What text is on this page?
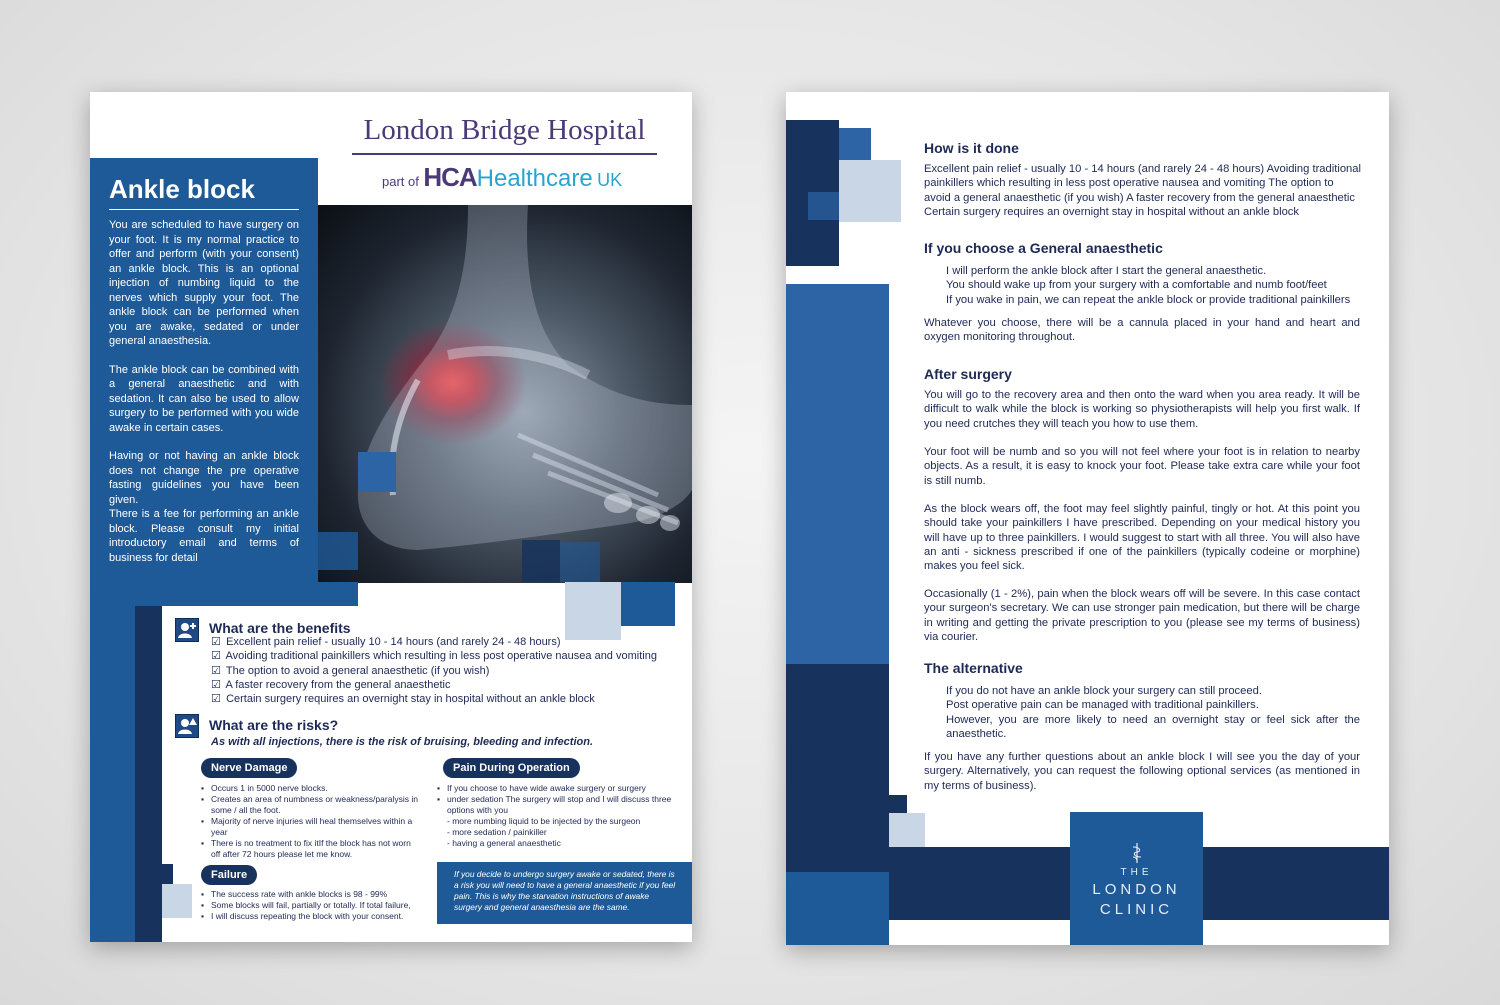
London Bridge Hospital
part of HCAHealthcare UK
Ankle block

You are scheduled to have surgery on your foot. It is my normal practice to offer and perform (with your consent) an ankle block. This is an optional injection of numbing liquid to the nerves which supply your foot. The ankle block can be performed when you are awake, sedated or under general anaesthesia.

The ankle block can be combined with a general anaesthetic and with sedation. It can also be used to allow surgery to be performed with you wide awake in certain cases.

Having or not having an ankle block does not change the pre operative fasting guidelines you have been given.

There is a fee for performing an ankle block. Please consult my initial introductory email and terms of business for detail

What are the benefits
☑ Excellent pain relief - usually 10 - 14 hours (and rarely 24 - 48 hours)
☑ Avoiding traditional painkillers which resulting in less post operative nausea and vomiting
☑ The option to avoid a general anaesthetic (if you wish)
☑ A faster recovery from the general anaesthetic
☑ Certain surgery requires an overnight stay in hospital without an ankle block
What are the risks?
As with all injections, there is the risk of bruising, bleeding and infection.
Nerve Damage
▪ Occurs 1 in 5000 nerve blocks.
▪ Creates an area of numbness or weakness/paralysis in some / all the foot.
▪ Majority of nerve injuries will heal themselves within a year
▪ There is no treatment to fix itIf the block has not worn off after 72 hours please let me know.
Failure
▪ The success rate with ankle blocks is 98 - 99%
▪ Some blocks will fail, partially or totally. If total failure,
▪ I will discuss repeating the block with your consent.
Pain During Operation
▪ If you choose to have wide awake surgery or surgery
▪ under sedation The surgery will stop and I will discuss three options with you
- more numbing liquid to be injected by the surgeon
- more sedation / painkiller
- having a general anaesthetic
If you decide to undergo surgery awake or sedated, there is a risk you will need to have a general anaesthetic if you feel pain. This is why the starvation instructions of awake surgery and general anaesthesia are the same.
How is it done
Excellent pain relief - usually 10 - 14 hours (and rarely 24 - 48 hours) Avoiding traditional
painkillers which resulting in less post operative nausea and vomiting The option to
avoid a general anaesthetic (if you wish) A faster recovery from the general anaesthetic
Certain surgery requires an overnight stay in hospital without an ankle block
If you choose a General anaesthetic
I will perform the ankle block after I start the general anaesthetic.
You should wake up from your surgery with a comfortable and numb foot/feet
If you wake in pain, we can repeat the ankle block or provide traditional painkillers

Whatever you choose, there will be a cannula placed in your hand and heart and oxygen monitoring throughout.

After surgery

You will go to the recovery area and then onto the ward when you area ready. It will be difficult to walk while the block is working so physiotherapists will help you first walk. If you need crutches they will teach you how to use them.

Your foot will be numb and so you will not feel where your foot is in relation to nearby objects. As a result, it is easy to knock your foot. Please take extra care while your foot is still numb.

As the block wears off, the foot may feel slightly painful, tingly or hot. At this point you should take your painkillers I have prescribed. Depending on your medical history you will have up to three painkillers. I would suggest to start with all three. You will also have an anti - sickness prescribed if one of the painkillers (typically codeine or morphine) makes you feel sick.

Occasionally (1 - 2%), pain when the block wears off will be severe. In this case contact your surgeon's secretary. We can use stronger pain medication, but there will be charge in writing and getting the private prescription to you (please see my terms of business) via courier.

The alternative
If you do not have an ankle block your surgery can still proceed.
Post operative pain can be managed with traditional painkillers.
However, you are more likely to need an overnight stay or feel sick after the anaesthetic.

If you have any further questions about an ankle block I will see you the day of your surgery. Alternatively, you can request the following optional services (as mentioned in my terms of business).

THE
LONDON
CLINIC
